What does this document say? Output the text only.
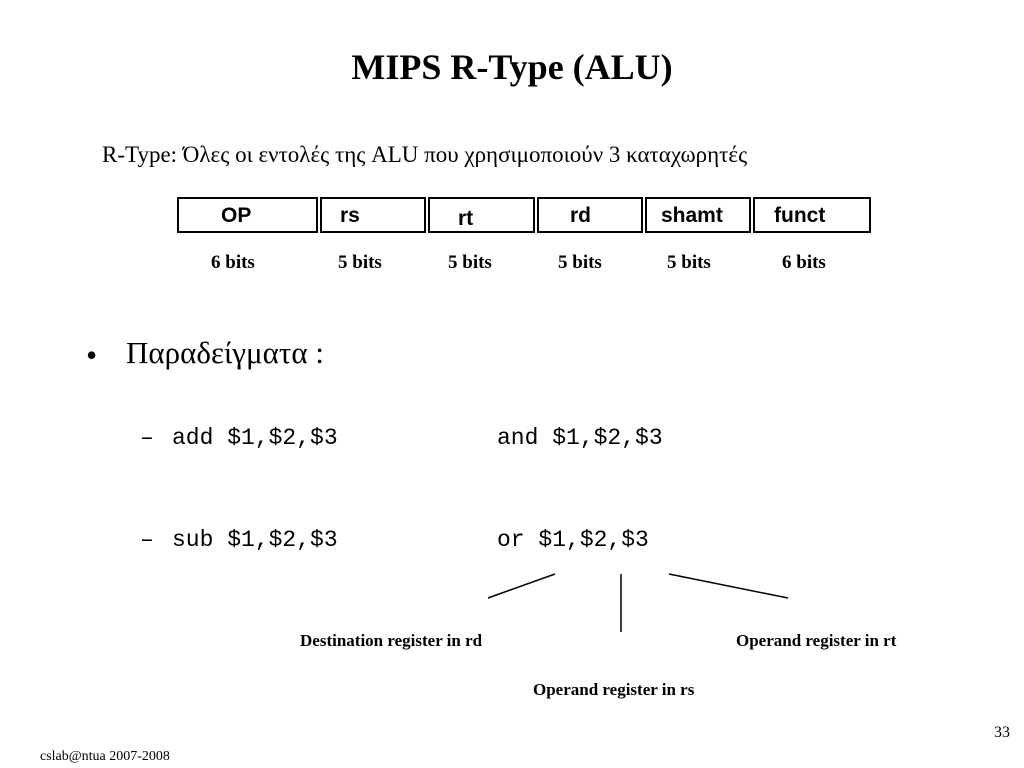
MIPS R-Type (ALU)
R-Type: Όλες οι εντολές της ALU που χρησιμοποιούν 3 καταχωρητές
OP	rs	rt	rd	shamt funct
6 bits	5 bits	5 bits	5 bits	5 bits	6 bits
• Παραδείγματα :
– add $1,$2,$3	and $1,$2,$3
– sub $1,$2,$3	or $1,$2,$3
Destination register in rd	Operand register in rt
Operand register in rs
33
cslab@ntua 2007-2008
